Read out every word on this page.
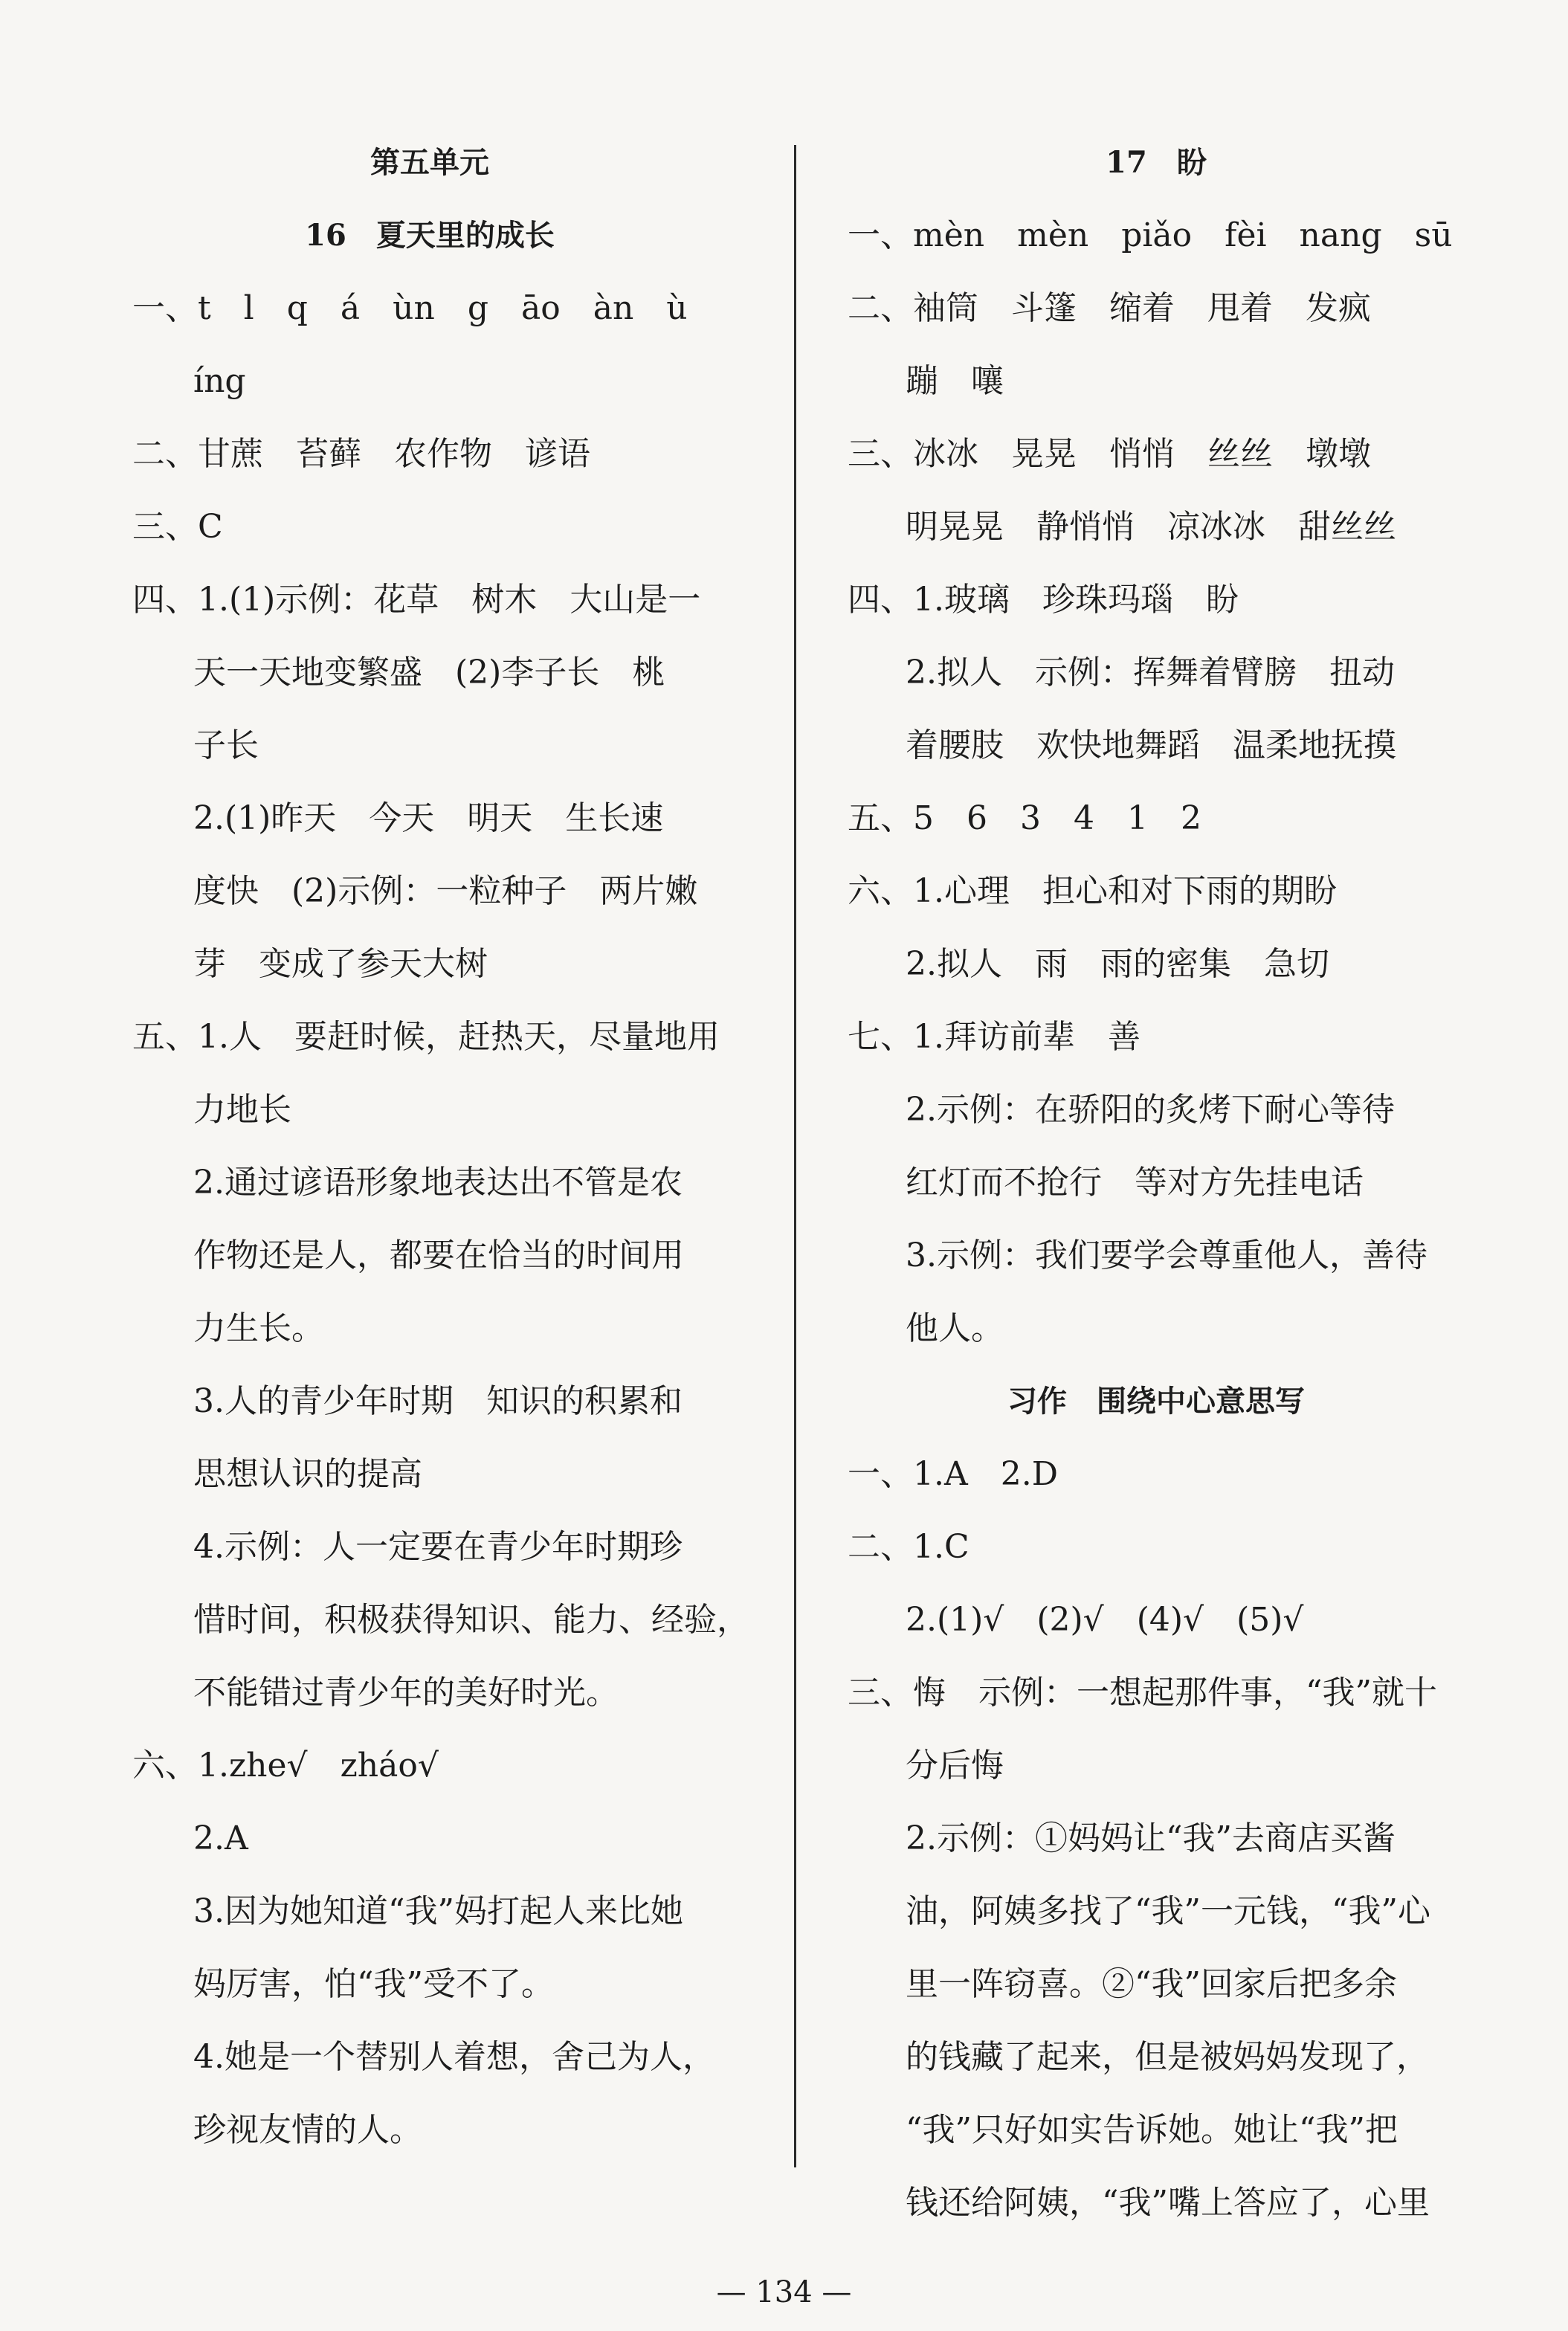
第五单元
16　夏天里的成长
一、t　l　q　á　ùn　g　āo　àn　ù
íng
二、甘蔗　苔藓　农作物　谚语
三、C
四、1.(1)示例：花草　树木　大山是一
天一天地变繁盛　(2)李子长　桃
子长
2.(1)昨天　今天　明天　生长速
度快　(2)示例：一粒种子　两片嫩
芽　变成了参天大树
五、1.人　要赶时候，赶热天，尽量地用
力地长
2.通过谚语形象地表达出不管是农
作物还是人，都要在恰当的时间用
力生长。
3.人的青少年时期　知识的积累和
思想认识的提高
4.示例：人一定要在青少年时期珍
惜时间，积极获得知识、能力、经验，
不能错过青少年的美好时光。
六、1.zhe√　zháo√
2.A
3.因为她知道“我”妈打起人来比她
妈厉害，怕“我”受不了。
4.她是一个替别人着想，舍己为人，
珍视友情的人。
17　盼
一、mèn　mèn　piǎo　fèi　nang　sū
二、袖筒　斗篷　缩着　甩着　发疯
蹦　嚷
三、冰冰　晃晃　悄悄　丝丝　墩墩
明晃晃　静悄悄　凉冰冰　甜丝丝
四、1.玻璃　珍珠玛瑙　盼
2.拟人　示例：挥舞着臂膀　扭动
着腰肢　欢快地舞蹈　温柔地抚摸
五、5　6　3　4　1　2
六、1.心理　担心和对下雨的期盼
2.拟人　雨　雨的密集　急切
七、1.拜访前辈　善
2.示例：在骄阳的炙烤下耐心等待
红灯而不抢行　等对方先挂电话
3.示例：我们要学会尊重他人，善待
他人。
习作　围绕中心意思写
一、1.A　2.D
二、1.C
2.(1)√　(2)√　(4)√　(5)√
三、悔　示例：一想起那件事，“我”就十
分后悔
2.示例：①妈妈让“我”去商店买酱
油，阿姨多找了“我”一元钱，“我”心
里一阵窃喜。②“我”回家后把多余
的钱藏了起来，但是被妈妈发现了，
“我”只好如实告诉她。她让“我”把
钱还给阿姨，“我”嘴上答应了，心里
— 134 —
